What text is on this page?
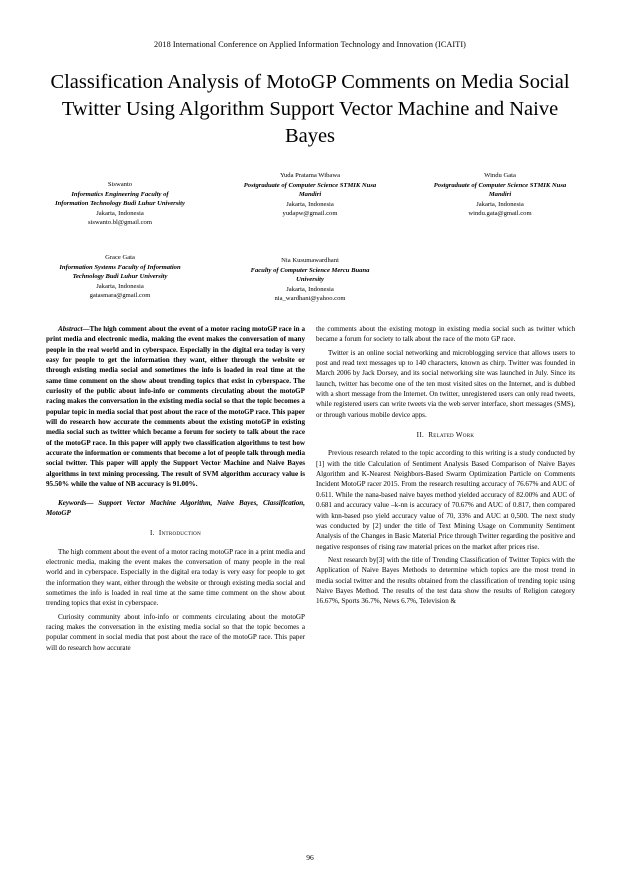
2018 International Conference on Applied Information Technology and Innovation (ICAITI)
Classification Analysis of MotoGP Comments on Media Social Twitter Using Algorithm Support Vector Machine and Naive Bayes
Siswanto
Informatics Engineering Faculty of Information Technology Budi Luhur University
Jakarta, Indonesia
siswanto.bl@gmail.com
Yuda Pratama Wibawa
Postgraduate of Computer Science STMIK Nusa Mandiri
Jakarta, Indonesia
yudapw@gmail.com
Windu Gata
Postgraduate of Computer Science STMIK Nusa Mandiri
Jakarta, Indonesia
windu.gata@gmail.com
Grace Gata
Information Systems Faculty of Information Technology Budi Luhur University
Jakarta, Indonesia
gatasmara@gmail.com
Nia Kusumawardhani
Faculty of Computer Science Mercu Buana University
Jakarta, Indonesia
nia_wardhani@yahoo.com

Abstract—The high comment about the event of a motor racing motoGP race in a print media and electronic media, making the event makes the conversation of many people in the real world and in cyberspace. Especially in the digital era today is very easy for people to get the information they want, either through the website or through existing media social and sometimes the info is loaded in real time at the same time comment on the show about trending topics that exist in cyberspace. The curiosity of the public about info-info or comments circulating about the motoGP racing makes the conversation in the existing media social so that the topic becomes a popular topic in media social that post about the race of the motoGP race. This paper will do research how accurate the comments about the existing motoGP in existing media social such as twitter which became a forum for society to talk about the race of the motoGP race. In this paper will apply two classification algorithms to test how accurate the information or comments that become a lot of people talk through media social twitter. This paper will apply the Support Vector Machine and Naive Bayes algorithms in text mining processing. The result of SVM algorithm accuracy value is 95.50% while the value of NB accuracy is 91.00%.

Keywords— Support Vector Machine Algorithm, Naive Bayes, Classification, MotoGP

I. Introduction

The high comment about the event of a motor racing motoGP race in a print media and electronic media, making the event makes the conversation of many people in the real world and in cyberspace. Especially in the digital era today is very easy for people to get the information they want, either through the website or through existing media social and sometimes the info is loaded in real time at the same time comment on the show about trending topics that exist in cyberspace.

Curiosity community about info-info or comments circulating about the motoGP racing makes the conversation in the existing media social so that the topic becomes a popular comment in social media that post about the race of the motoGP race. This paper will do research how accurate

the comments about the existing motogp in existing media social such as twitter which became a forum for society to talk about the race of the moto GP race.

Twitter is an online social networking and microblogging service that allows users to post and read text messages up to 140 characters, known as chirp. Twitter was founded in March 2006 by Jack Dorsey, and its social networking site was launched in July. Since its launch, twitter has become one of the ten most visited sites on the Internet, and is dubbed with a short message from the Internet. On twitter, unregistered users can only read tweets, while registered users can write tweets via the web server interface, short messages (SMS), or through various mobile device apps.

II. Related Work

Previous research related to the topic according to this writing is a study conducted by [1] with the title Calculation of Sentiment Analysis Based Comparison of Naive Bayes Algorithm and K-Nearest Neighbors-Based Swarm Optimization Particle on Comments Incident MotoGP racer 2015. From the research resulting accuracy of 76.67% and AUC of 0.611. While the nana-based naive bayes method yielded accuracy of 82.00% and AUC of 0.681 and accuracy value –k-nn is accuracy of 70.67% and AUC of 0.817, then compared with knn-based pso yield accuracy value of 70, 33% and AUC at 0,500. The next study was conducted by [2] under the title of Text Mining Usage on Community Sentiment Analysis of the Changes in Basic Material Price through Twitter regarding the positive and negative responses of rising raw material prices on the market after prices rise.

Next research by[3] with the title of Trending Classification of Twitter Topics with the Application of Naive Bayes Methods to determine which topics are the most trend in media social twitter and the results obtained from the classification of trending topic using Naive Bayes Method. The results of the test data show the results of Religion category 16.67%, Sports 36.7%, News 6.7%, Television &

96
